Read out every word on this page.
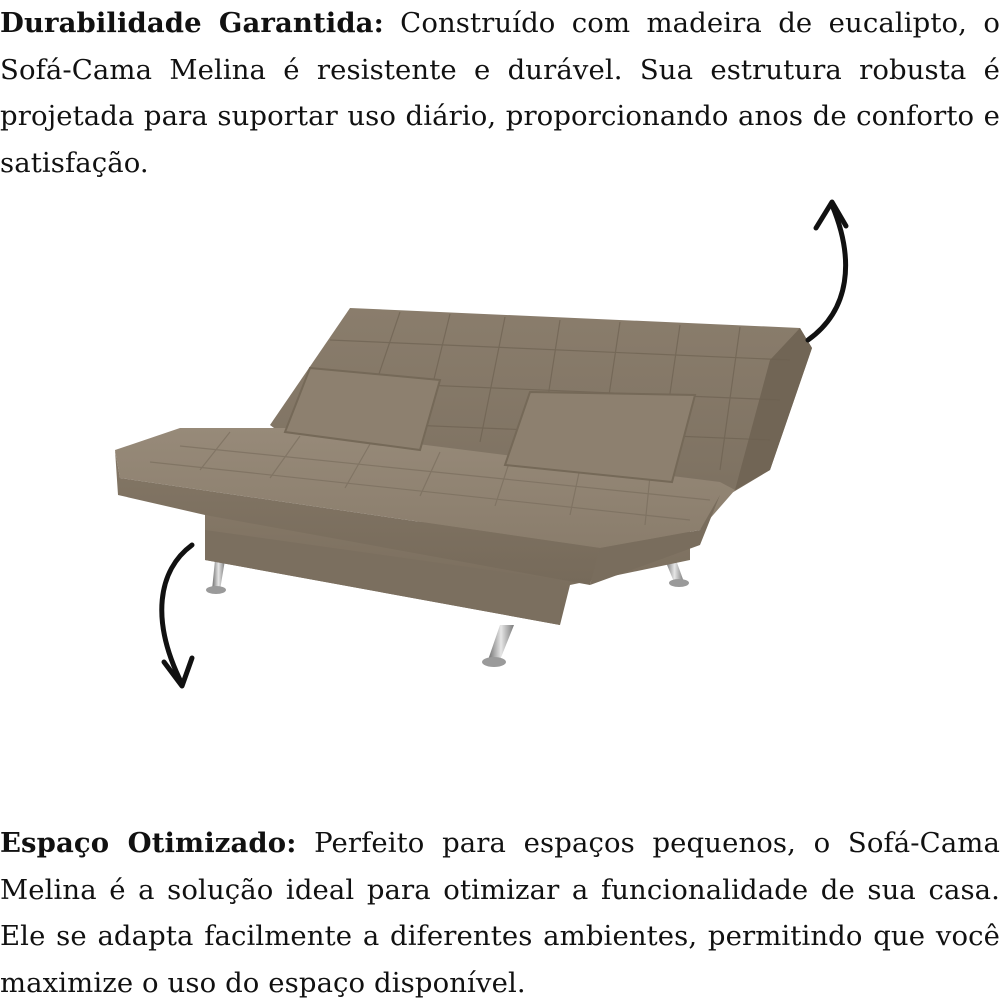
Durabilidade Garantida: Construído com madeira de eucalipto, o Sofá-Cama Melina é resistente e durável. Sua estrutura robusta é projetada para suportar uso diário, proporcionando anos de conforto e satisfação.
Espaço Otimizado: Perfeito para espaços pequenos, o Sofá-Cama Melina é a solução ideal para otimizar a funcionalidade de sua casa. Ele se adapta facilmente a diferentes ambientes, permitindo que você maximize o uso do espaço disponível.
